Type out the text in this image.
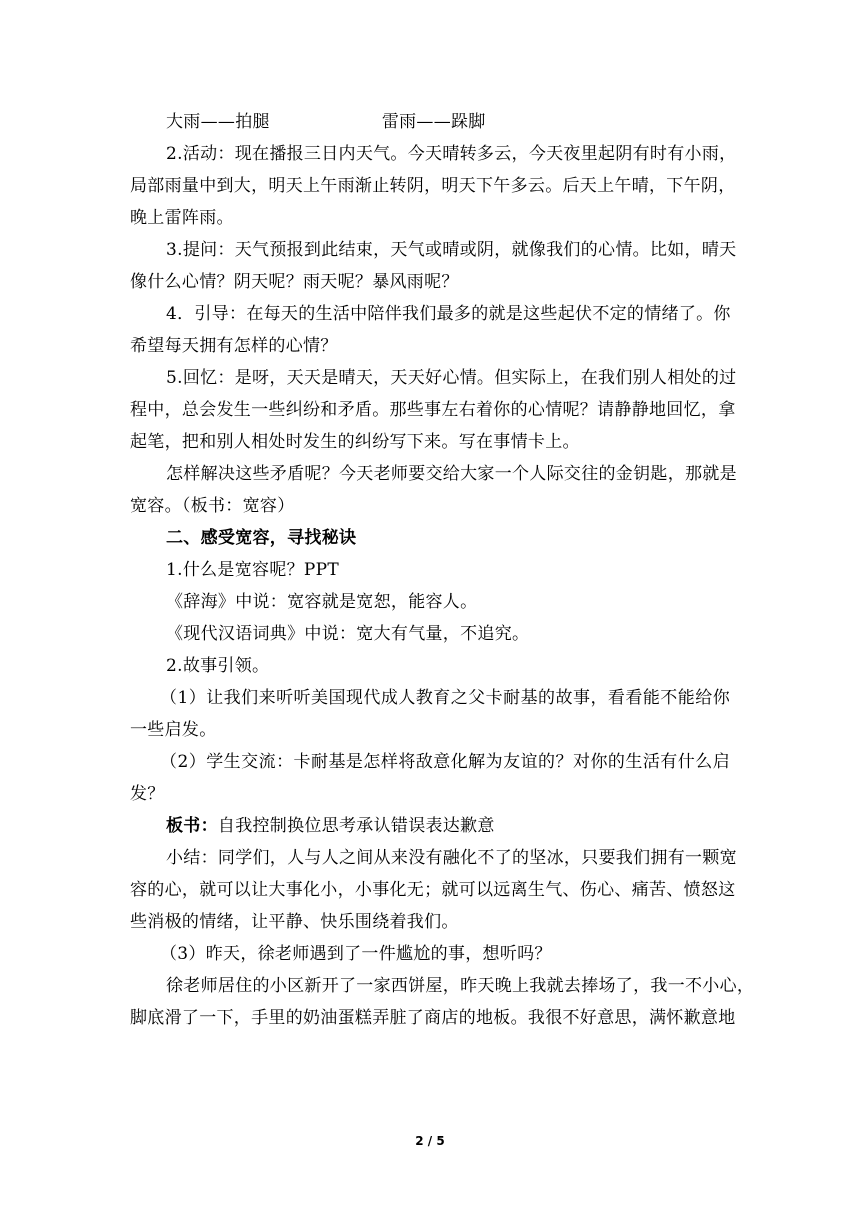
大雨——拍腿	雷雨——跺脚

2.活动：现在播报三日内天气。今天晴转多云，今天夜里起阴有时有小雨，

局部雨量中到大，明天上午雨渐止转阴，明天下午多云。后天上午晴，下午阴，

晚上雷阵雨。

3.提问：天气预报到此结束，天气或晴或阴，就像我们的心情。比如，晴天

像什么心情？阴天呢？雨天呢？暴风雨呢？

4．引导：在每天的生活中陪伴我们最多的就是这些起伏不定的情绪了。你

希望每天拥有怎样的心情？

5.回忆：是呀，天天是晴天，天天好心情。但实际上，在我们别人相处的过

程中，总会发生一些纠纷和矛盾。那些事左右着你的心情呢？请静静地回忆，拿

起笔，把和别人相处时发生的纠纷写下来。写在事情卡上。

怎样解决这些矛盾呢？今天老师要交给大家一个人际交往的金钥匙，那就是

宽容。（板书：宽容）

二、感受宽容，寻找秘诀

1.什么是宽容呢？PPT

《辞海》中说：宽容就是宽恕，能容人。

《现代汉语词典》中说：宽大有气量，不追究。

2.故事引领。

（1）让我们来听听美国现代成人教育之父卡耐基的故事，看看能不能给你

一些启发。

（2）学生交流：卡耐基是怎样将敌意化解为友谊的？对你的生活有什么启

发？

板书：自我控制换位思考承认错误表达歉意

小结：同学们，人与人之间从来没有融化不了的坚冰，只要我们拥有一颗宽

容的心，就可以让大事化小，小事化无；就可以远离生气、伤心、痛苦、愤怒这

些消极的情绪，让平静、快乐围绕着我们。

（3）昨天，徐老师遇到了一件尴尬的事，想听吗？

徐老师居住的小区新开了一家西饼屋，昨天晚上我就去捧场了，我一不小心，

脚底滑了一下，手里的奶油蛋糕弄脏了商店的地板。我很不好意思，满怀歉意地

2 / 5
